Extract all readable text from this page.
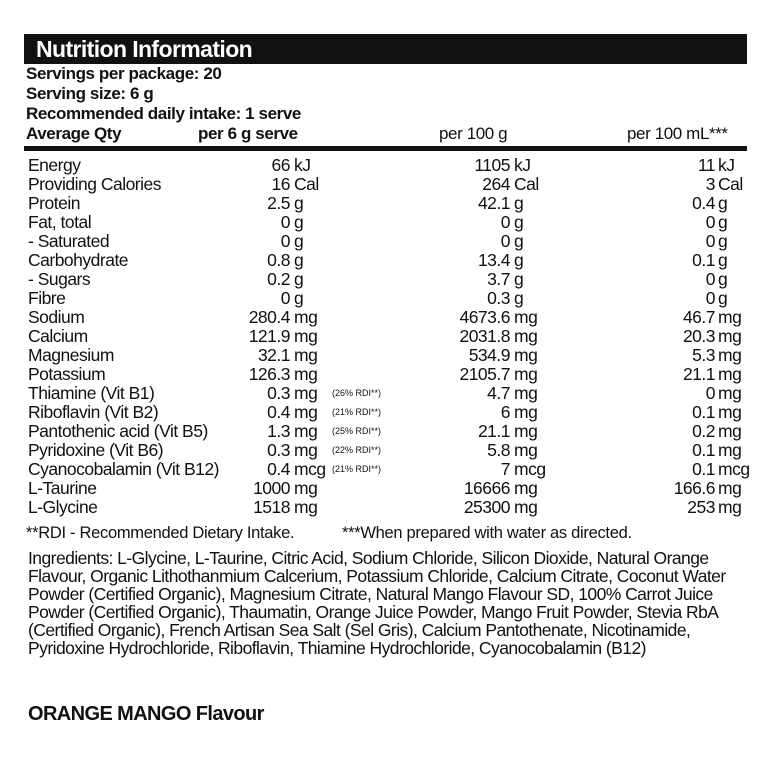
Nutrition Information
Servings per package: 20
Serving size: 6 g
Recommended daily intake: 1 serve
Average Qty	per 6 g serve	per 100 g	per 100 mL***
Energy	66 kJ	1105 kJ	11 kJ
Providing Calories	16 Cal	264 Cal	3 Cal
Protein	2.5 g	42.1 g	0.4 g
Fat, total	0 g	0 g	0 g
- Saturated	0 g	0 g	0 g
Carbohydrate	0.8 g	13.4 g	0.1 g
- Sugars	0.2 g	3.7 g	0 g
Fibre	0 g	0.3 g	0 g
Sodium	280.4 mg	4673.6 mg	46.7 mg
Calcium	121.9 mg	2031.8 mg	20.3 mg
Magnesium	32.1 mg	534.9 mg	5.3 mg
Potassium	126.3 mg	2105.7 mg	21.1 mg
Thiamine (Vit B1)	0.3 mg (26% RDI**)	4.7 mg	0 mg
Riboflavin (Vit B2)	0.4 mg (21% RDI**)	6 mg	0.1 mg
Pantothenic acid (Vit B5)	1.3 mg (25% RDI**)	21.1 mg	0.2 mg
Pyridoxine (Vit B6)	0.3 mg (22% RDI**)	5.8 mg	0.1 mg
Cyanocobalamin (Vit B12)	0.4 mcg (21% RDI**)	7 mcg	0.1 mcg
L-Taurine	1000 mg	16666 mg	166.6 mg
L-Glycine	1518 mg	25300 mg	253 mg
**RDI - Recommended Dietary Intake.	***When prepared with water as directed.
Ingredients: L-Glycine, L-Taurine, Citric Acid, Sodium Chloride, Silicon Dioxide, Natural Orange Flavour, Organic Lithothanmium Calcerium, Potassium Chloride, Calcium Citrate, Coconut Water Powder (Certified Organic), Magnesium Citrate, Natural Mango Flavour SD, 100% Carrot Juice Powder (Certified Organic), Thaumatin, Orange Juice Powder, Mango Fruit Powder, Stevia RbA (Certified Organic), French Artisan Sea Salt (Sel Gris), Calcium Pantothenate, Nicotinamide, Pyridoxine Hydrochloride, Riboflavin, Thiamine Hydrochloride, Cyanocobalamin (B12)
ORANGE MANGO Flavour
